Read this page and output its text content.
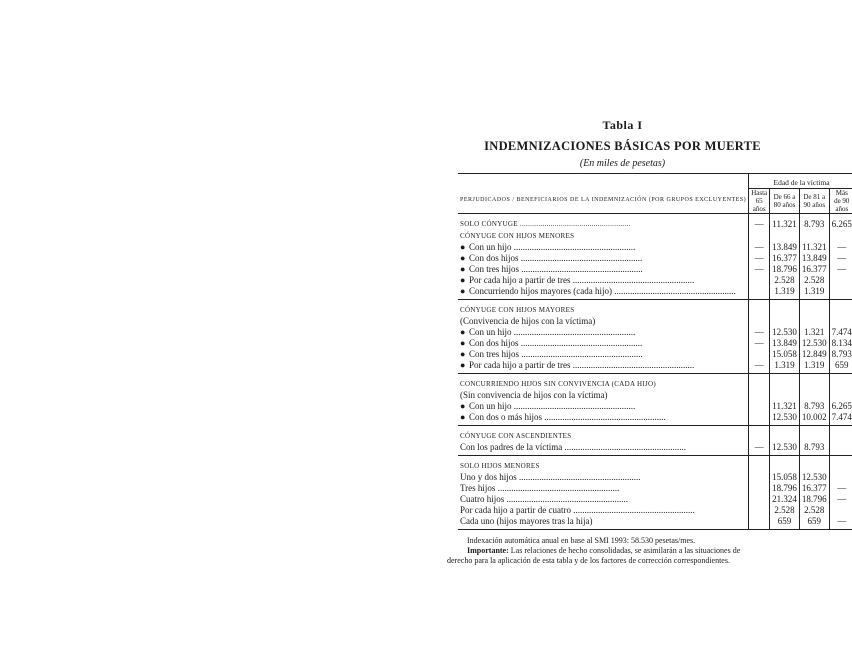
Tabla I
INDEMNIZACIONES BÁSICAS POR MUERTE
(En miles de pesetas)
	Edad de la víctima			
PERJUDICADOS / BENEFICIARIOS DE LA INDEMNIZACIÓN (POR GRUPOS EXCLUYENTES)	Hasta 65 años	De 66 a 80 años	De 81 a 90 años	Más de 90 años

SOLO CÓNYUGE .....	—	11.321	8.793	6.265
CÓNYUGE CON HIJOS MENORES				
● Con un hijo .....	—	13.849	11.321	—
● Con dos hijos .....	—	16.377	13.849	—
● Con tres hijos .....	—	18.796	16.377	—
● Por cada hijo a partir de tres .....		2.528	2.528	
● Concurriendo hijos mayores (cada hijo) .....		1.319	1.319	

CÓNYUGE CON HIJOS MAYORES				
(Convivencia de hijos con la víctima)				
● Con un hijo .....	—	12.530	1.321	7.474
● Con dos hijos .....	—	13.849	12.530	8.134
● Con tres hijos .....		15.058	12.849	8.793
● Por cada hijo a partir de tres .....	—	1.319	1.319	659

CONCURRIENDO HIJOS SIN CONVIVENCIA (CADA HIJO)				
(Sin convivencia de hijos con la víctima)				
● Con un hijo .....		11.321	8.793	6.265
● Con dos o más hijos .....		12.530	10.002	7.474

CÓNYUGE CON ASCENDIENTES				
Con los padres de la víctima .....	—	12.530	8.793	

SOLO HIJOS MENORES				
Uno y dos hijos .....		15.058	12.530	
Tres hijos .....		18.796	16.377	—
Cuatro hijos .....		21.324	18.796	—
Por cada hijo a partir de cuatro .....		2.528	2.528	
Cada uno (hijos mayores tras la hija)		659	659	—
Indexación automática anual en base al SMI 1993: 58.530 pesetas/mes.
Importante: Las relaciones de hecho consolidadas, se asimilarán a las situaciones de
derecho para la aplicación de esta tabla y de los factores de corrección correspondientes.
